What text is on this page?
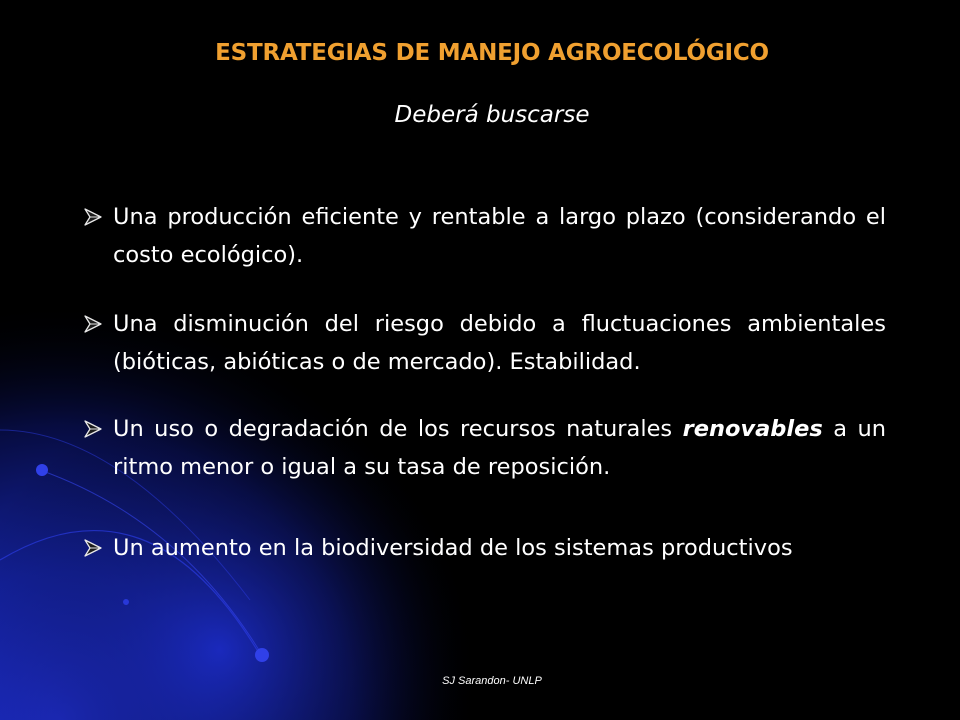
ESTRATEGIAS DE MANEJO AGROECOLÓGICO
Deberá buscarse
Una producción eficiente y rentable a largo plazo (considerando el costo ecológico).
Una disminución del riesgo debido a fluctuaciones ambientales (bióticas, abióticas o de mercado). Estabilidad.
Un uso o degradación de los recursos naturales renovables a un ritmo menor o igual a su tasa de reposición.
Un aumento en la biodiversidad de los sistemas productivos
SJ Sarandon- UNLP
